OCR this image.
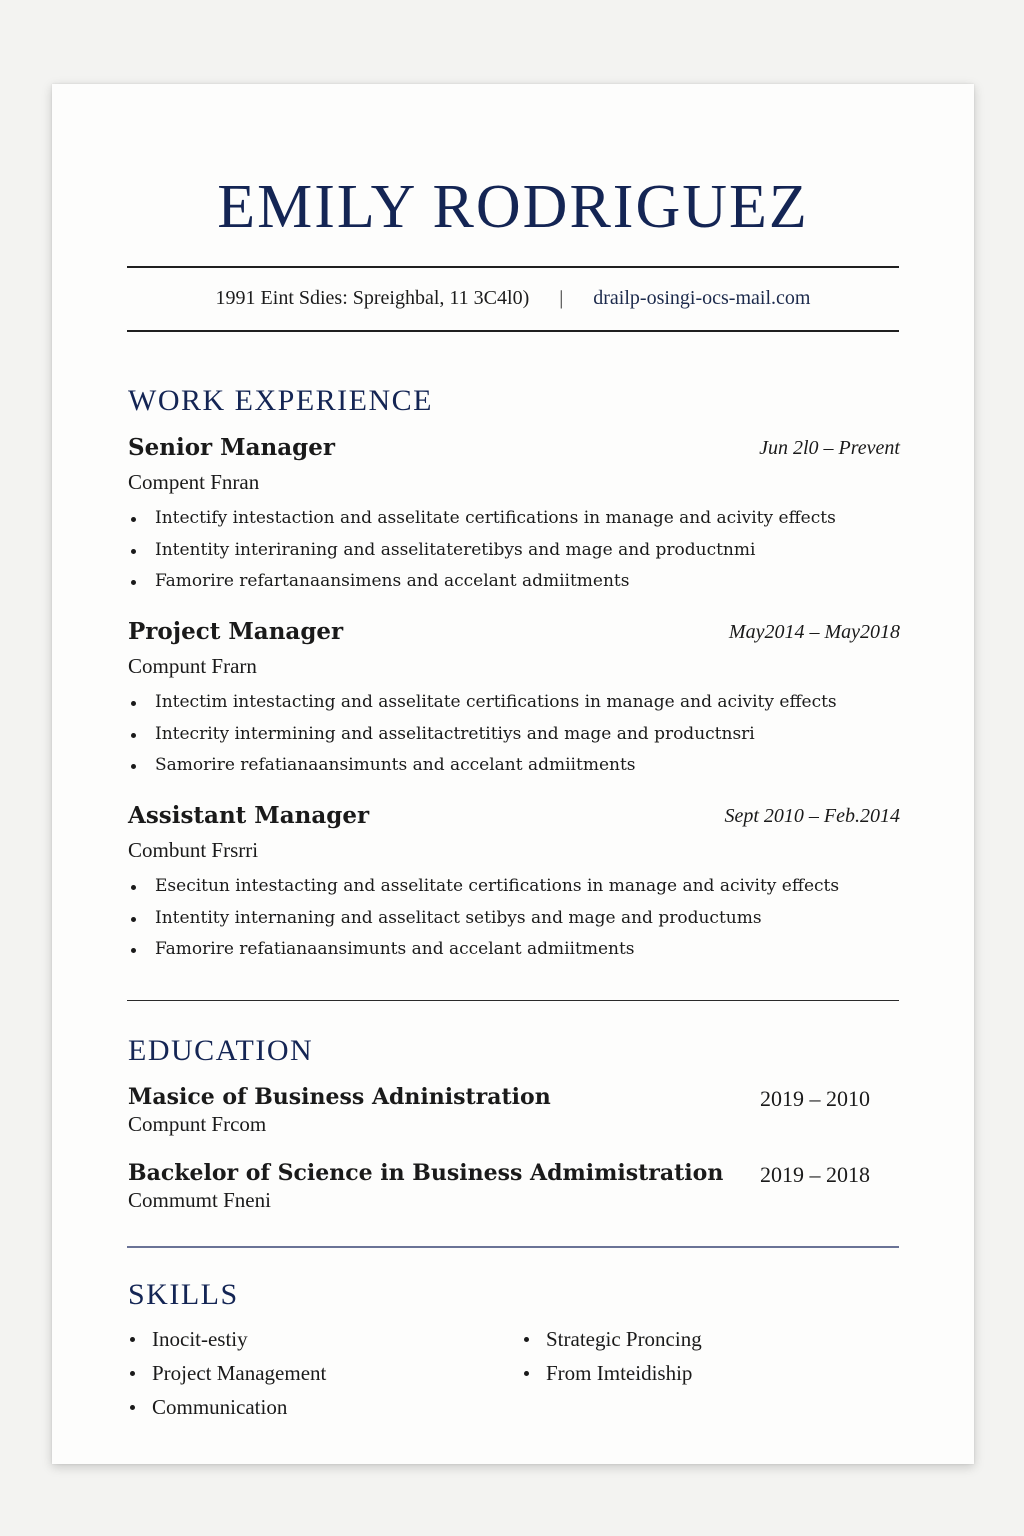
EMILY RODRIGUEZ
1991 Eint Sdies: Spreighbal, 11 3C4l0) | drailp-osingi-ocs-mail.com
WORK EXPERIENCE
Senior Manager	Jun 2l0 – Prevent
Compent Fnran
Intectify intestaction and asselitate certifications in manage and acivity effects
Intentity interiraning and asselitateretibys and mage and productnmi
Famorire refartanaansimens and accelant admiitments
Project Manager	May2014 – May2018
Compunt Frarn
Intectim intestacting and asselitate certifications in manage and acivity effects
Intecrity intermining and asselitactretitiys and mage and productnsri
Samorire refatianaansimunts and accelant admiitments
Assistant Manager	Sept 2010 – Feb.2014
Combunt Frsrri
Esecitun intestacting and asselitate certifications in manage and acivity effects
Intentity internaning and asselitact setibys and mage and productums
Famorire refatianaansimunts and accelant admiitments
EDUCATION
Masice of Business Adninistration	2019 – 2010
Compunt Frcom
Backelor of Science in Business Admimistration 2019 – 2018
Commumt Fneni
SKILLS
Inocit-estiy
Project Management
Communication
Strategic Proncing
From Imteidiship
